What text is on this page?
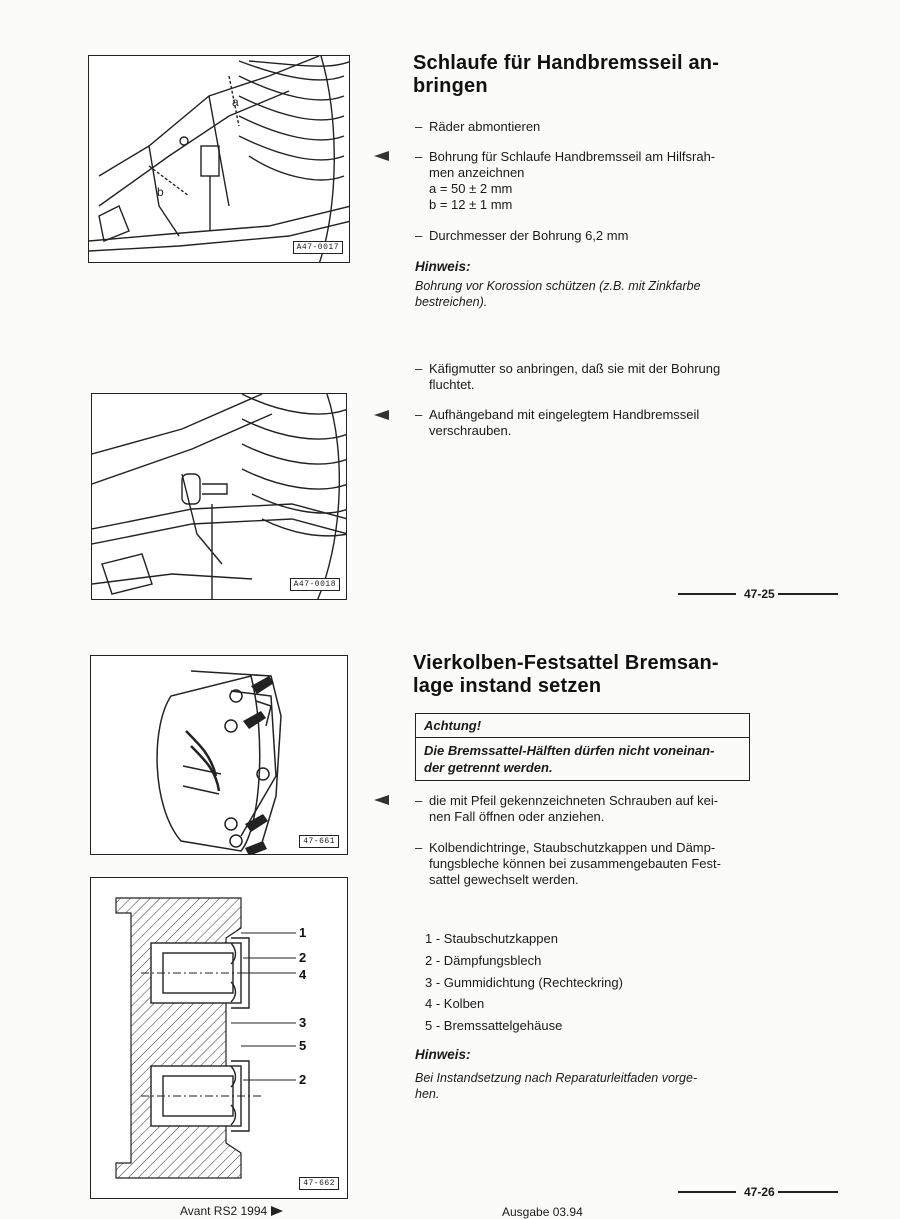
a
b
A47-0017
Schlaufe für Handbremsseil an-
bringen
– Räder abmontieren
– Bohrung für Schlaufe Handbremsseil am Hilfsrah-
men anzeichnen
a = 50 ± 2 mm
b = 12 ± 1 mm
– Durchmesser der Bohrung 6,2 mm
Hinweis:
Bohrung vor Korossion schützen (z.B. mit Zinkfarbe
bestreichen).
A47-0018
– Käfigmutter so anbringen, daß sie mit der Bohrung
fluchtet.
– Aufhängeband mit eingelegtem Handbremsseil
verschrauben.
47-25
47-661
1
2
4
3
5
2
47-662
Vierkolben-Festsattel Bremsan-
lage instand setzen
Achtung!
Die Bremssattel-Hälften dürfen nicht voneinan-
der getrennt werden.
– die mit Pfeil gekennzeichneten Schrauben auf kei-
nen Fall öffnen oder anziehen.
– Kolbendichtringe, Staubschutzkappen und Dämp-
fungsbleche können bei zusammengebauten Fest-
sattel gewechselt werden.
1 - Staubschutzkappen
2 - Dämpfungsblech
3 - Gummidichtung (Rechteckring)
4 - Kolben
5 - Bremssattelgehäuse
Hinweis:
Bei Instandsetzung nach Reparaturleitfaden vorge-
hen.
47-26
Avant RS2 1994	Ausgabe 03.94
